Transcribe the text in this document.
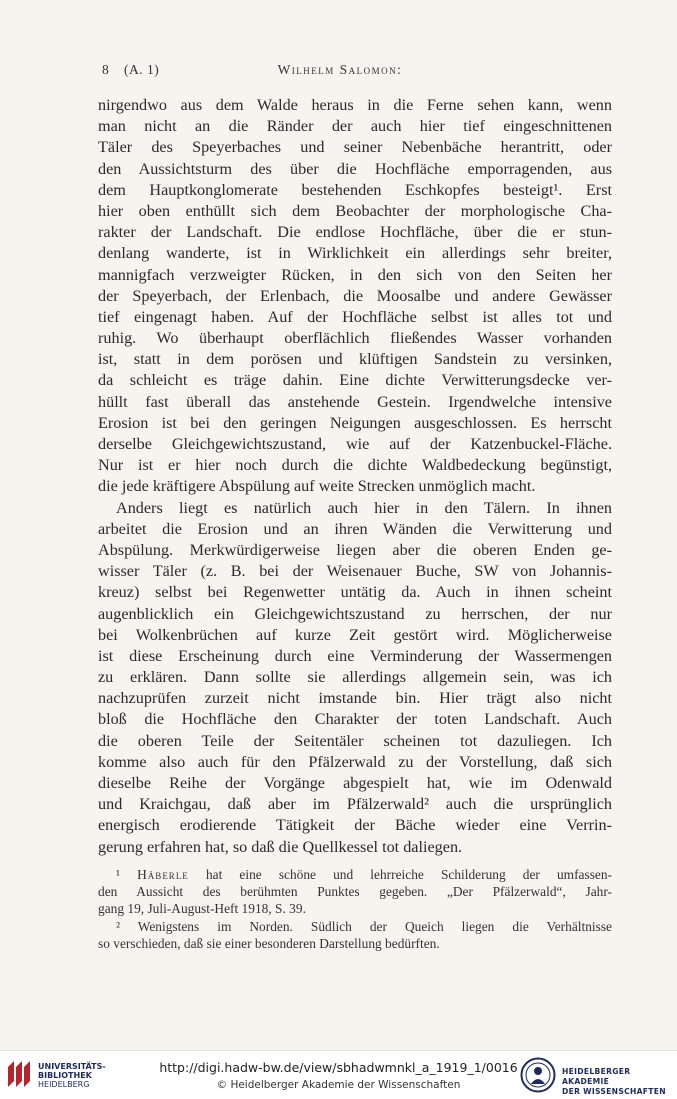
8 (A. 1)	Wilhelm Salomon:
nirgendwo aus dem Walde heraus in die Ferne sehen kann, wenn
man nicht an die Ränder der auch hier tief eingeschnittenen
Täler des Speyerbaches und seiner Nebenbäche herantritt, oder
den Aussichtsturm des über die Hochfläche emporragenden, aus
dem Hauptkonglomerate bestehenden Eschkopfes besteigt¹. Erst
hier oben enthüllt sich dem Beobachter der morphologische Cha-
rakter der Landschaft. Die endlose Hochfläche, über die er stun-
denlang wanderte, ist in Wirklichkeit ein allerdings sehr breiter,
mannigfach verzweigter Rücken, in den sich von den Seiten her
der Speyerbach, der Erlenbach, die Moosalbe und andere Gewässer
tief eingenagt haben. Auf der Hochfläche selbst ist alles tot und
ruhig. Wo überhaupt oberflächlich fließendes Wasser vorhanden
ist, statt in dem porösen und klüftigen Sandstein zu versinken,
da schleicht es träge dahin. Eine dichte Verwitterungsdecke ver-
hüllt fast überall das anstehende Gestein. Irgendwelche intensive
Erosion ist bei den geringen Neigungen ausgeschlossen. Es herrscht
derselbe Gleichgewichtszustand, wie auf der Katzenbuckel-Fläche.
Nur ist er hier noch durch die dichte Waldbedeckung begünstigt,
die jede kräftigere Abspülung auf weite Strecken unmöglich macht.
Anders liegt es natürlich auch hier in den Tälern. In ihnen
arbeitet die Erosion und an ihren Wänden die Verwitterung und
Abspülung. Merkwürdigerweise liegen aber die oberen Enden ge-
wisser Täler (z. B. bei der Weisenauer Buche, SW von Johannis-
kreuz) selbst bei Regenwetter untätig da. Auch in ihnen scheint
augenblicklich ein Gleichgewichtszustand zu herrschen, der nur
bei Wolkenbrüchen auf kurze Zeit gestört wird. Möglicherweise
ist diese Erscheinung durch eine Verminderung der Wassermengen
zu erklären. Dann sollte sie allerdings allgemein sein, was ich
nachzuprüfen zurzeit nicht imstande bin. Hier trägt also nicht
bloß die Hochfläche den Charakter der toten Landschaft. Auch
die oberen Teile der Seitentäler scheinen tot dazuliegen. Ich
komme also auch für den Pfälzerwald zu der Vorstellung, daß sich
dieselbe Reihe der Vorgänge abgespielt hat, wie im Odenwald
und Kraichgau, daß aber im Pfälzerwald² auch die ursprünglich
energisch erodierende Tätigkeit der Bäche wieder eine Verrin-
gerung erfahren hat, so daß die Quellkessel tot daliegen.
¹ Häberle hat eine schöne und lehrreiche Schilderung der umfassen-
den Aussicht des berühmten Punktes gegeben. „Der Pfälzerwald“, Jahr-
gang 19, Juli-August-Heft 1918, S. 39.
² Wenigstens im Norden. Südlich der Queich liegen die Verhältnisse
so verschieden, daß sie einer besonderen Darstellung bedürften.
UNIVERSITÄTS-
BIBLIOTHEK
HEIDELBERG
http://digi.hadw-bw.de/view/sbhadwmnkl_a_1919_1/0016
© Heidelberger Akademie der Wissenschaften
HEIDELBERGER AKADEMIE
DER WISSENSCHAFTEN
